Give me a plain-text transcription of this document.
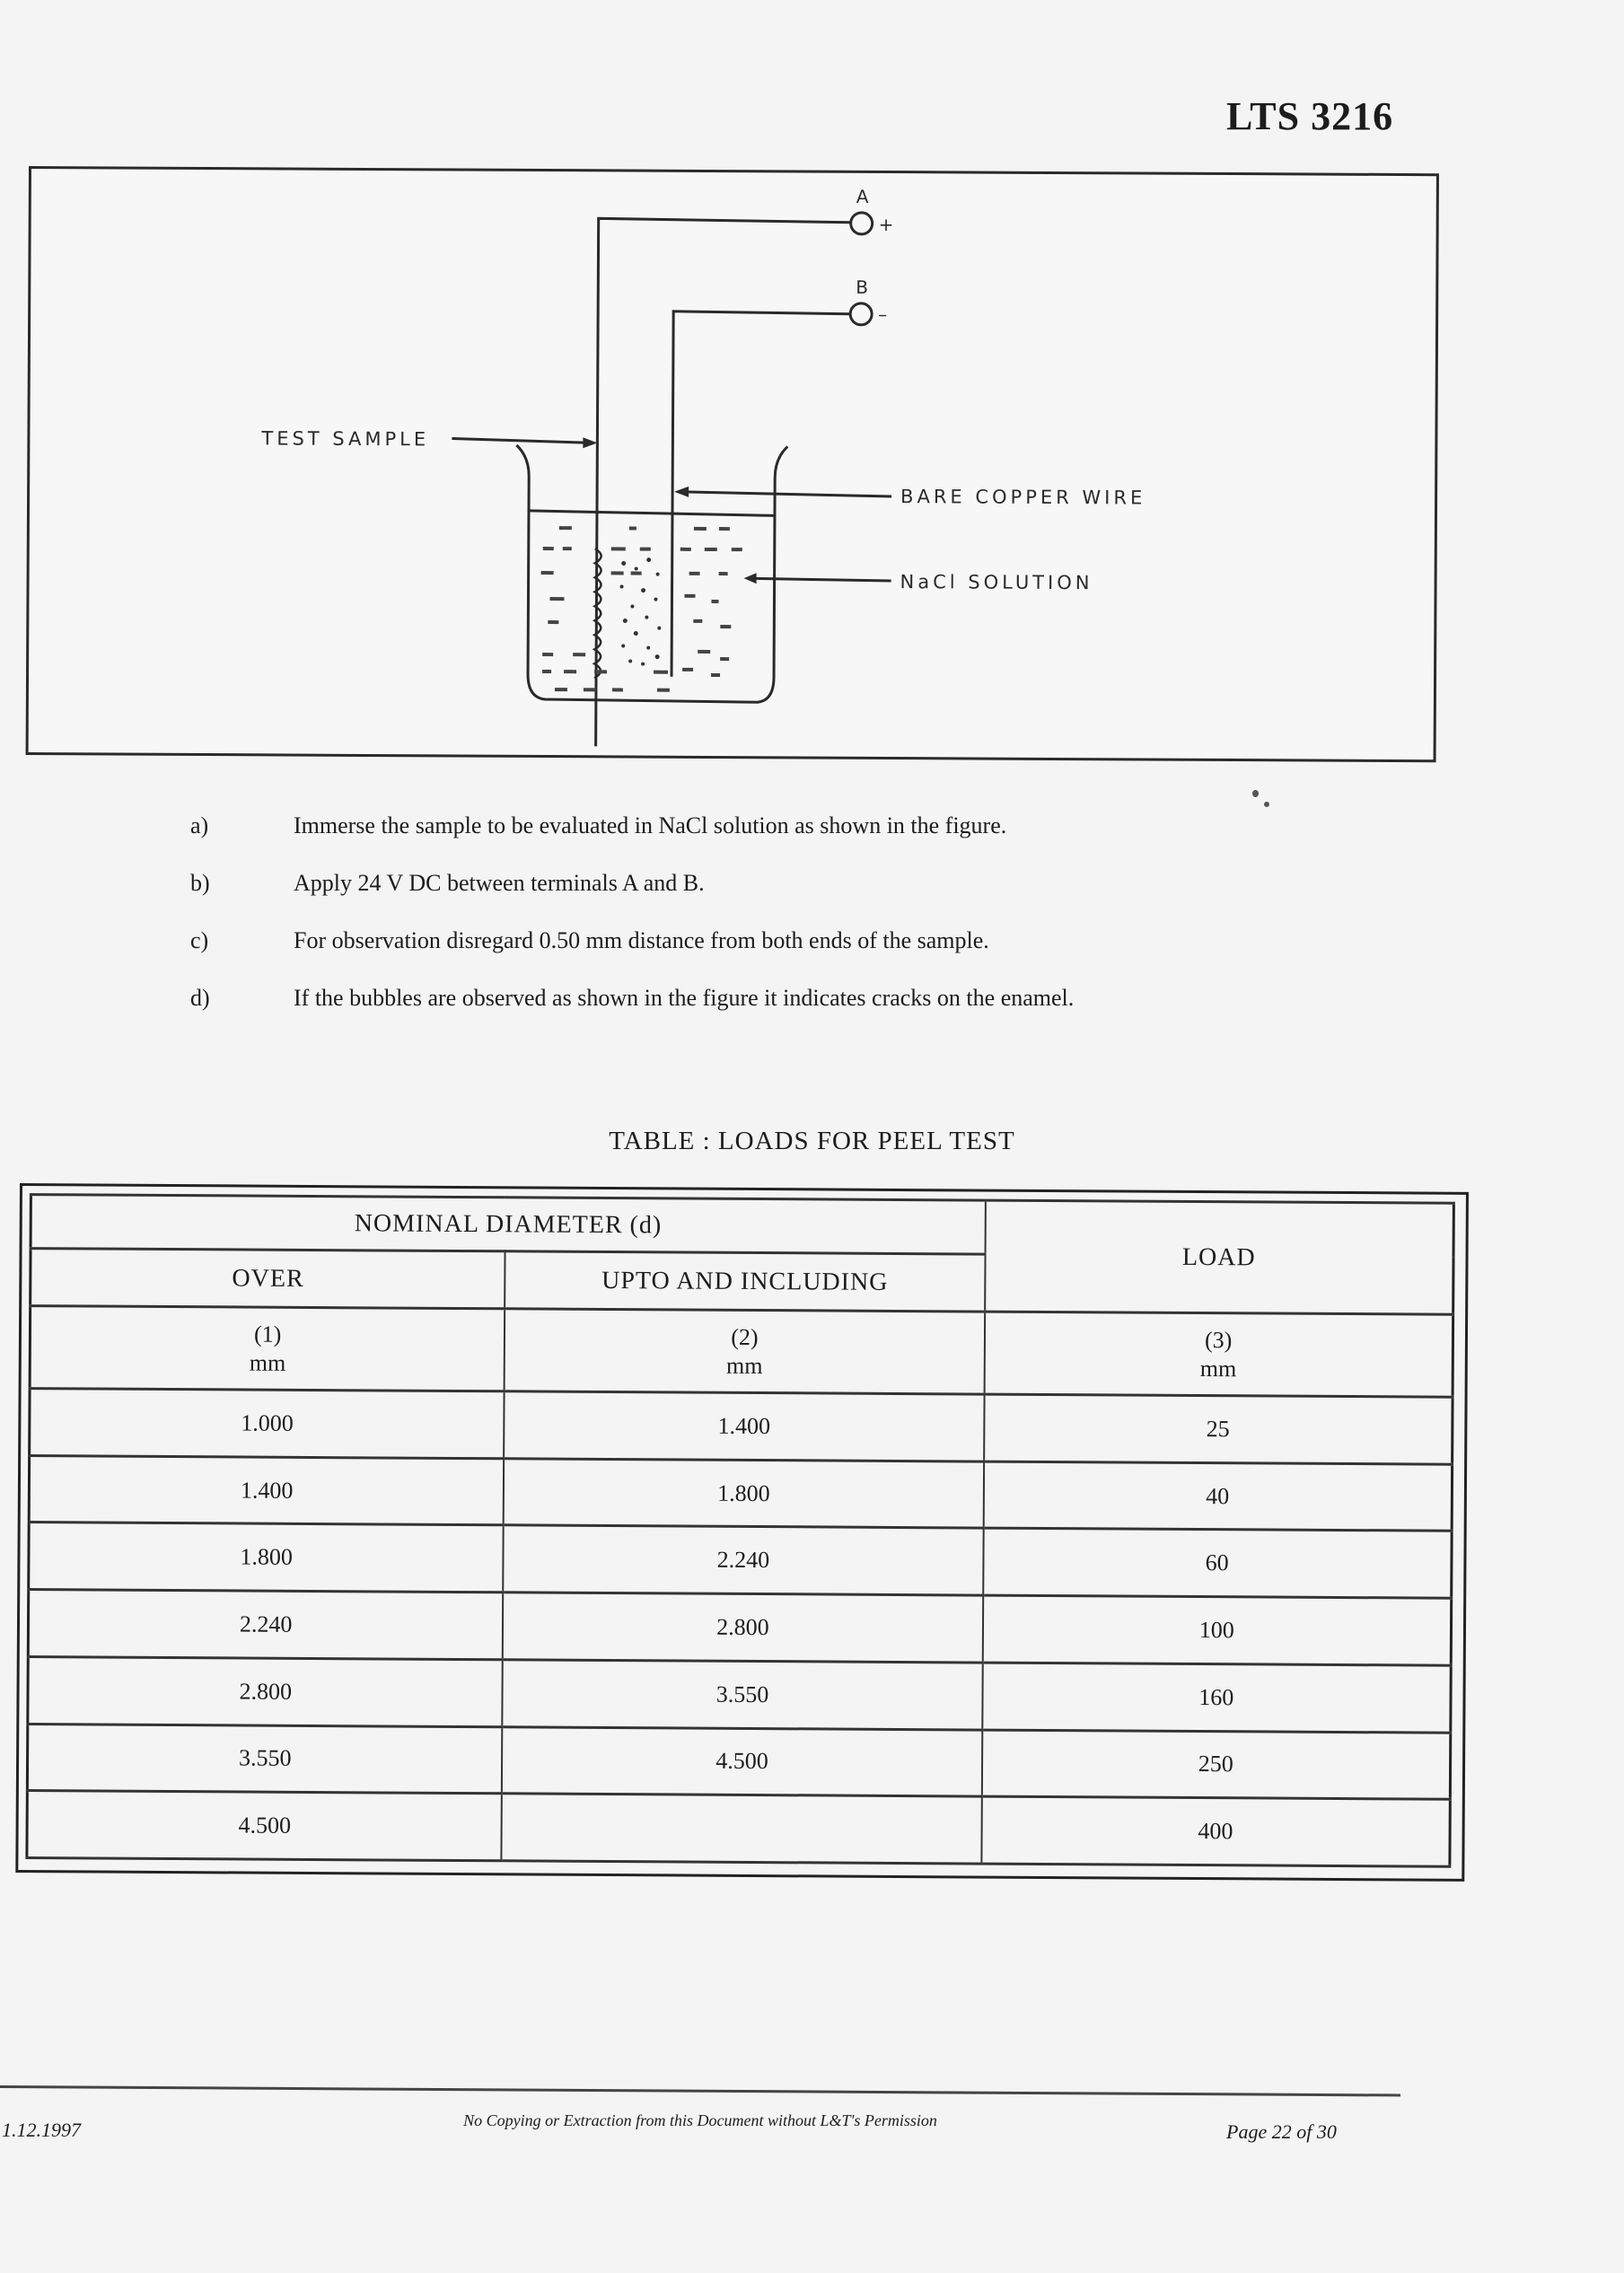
LTS 3216
TEST SAMPLE
BARE COPPER WIRE
NaCl SOLUTION
A
+
B
–
a)	Immerse the sample to be evaluated in NaCl solution as shown in the figure.
b)	Apply 24 V DC between terminals A and B.
c)	For observation disregard 0.50 mm distance from both ends of the sample.
d)	If the bubbles are observed as shown in the figure it indicates cracks on the enamel.
TABLE : LOADS FOR PEEL TEST
NOMINAL DIAMETER (d)		LOAD
OVER	UPTO AND INCLUDING	

(1)
mm

(2)
mm

(3)
mm

1.000	1.400	25
1.400	1.800	40
1.800	2.240	60
2.240	2.800	100
2.800	3.550	160
3.550	4.500	250
4.500		400
1.12.1997	No Copying or Extraction from this Document without L&T's Permission	Page 22 of 30
